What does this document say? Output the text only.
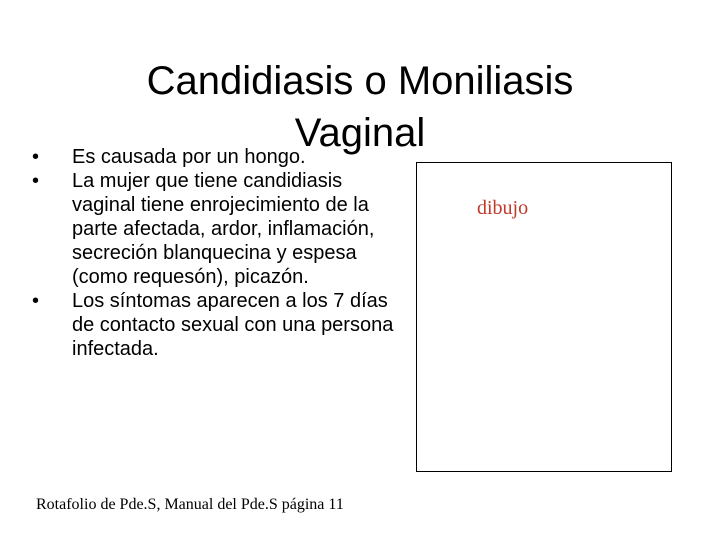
Candidiasis o Moniliasis
Vaginal
•	Es causada por un hongo.
•	La mujer que tiene candidiasis vaginal tiene enrojecimiento de la parte afectada, ardor, inflamación, secreción blanquecina y espesa (como requesón), picazón.
•	Los síntomas aparecen a los 7 días de contacto sexual con una persona infectada.
dibujo
Rotafolio de Pde.S, Manual del Pde.S página 11
